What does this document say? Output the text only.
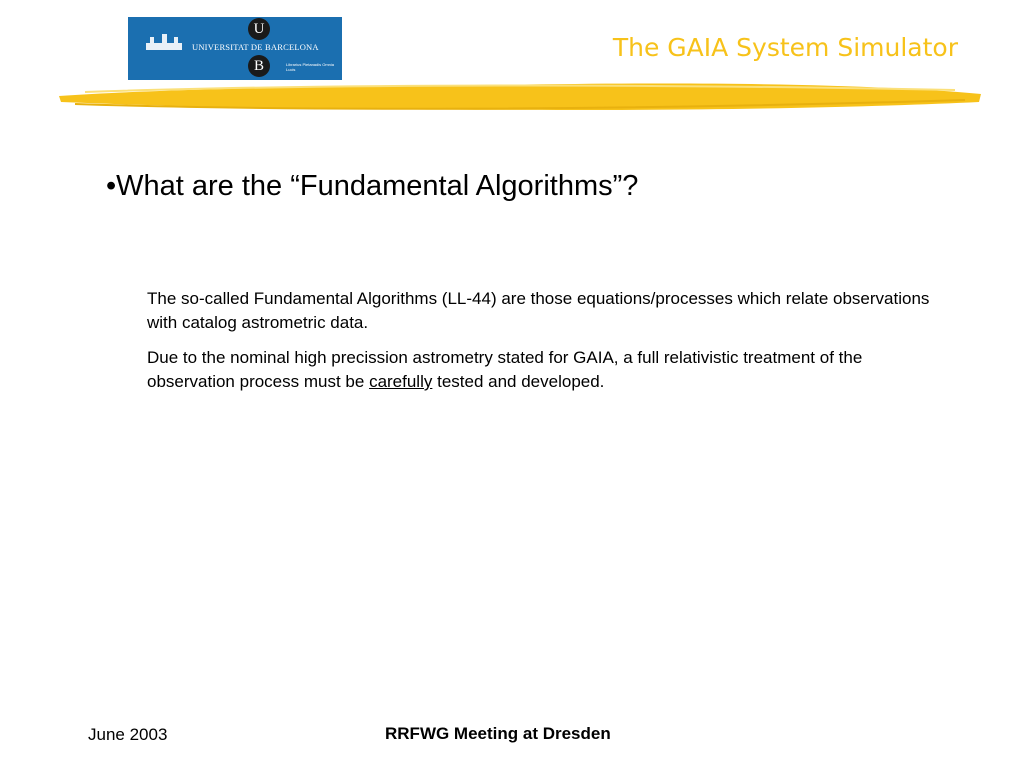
U
B
UNIVERSITAT DE BARCELONA
Librarius Pietanadis Omnia Lucis
The GAIA System Simulator
•What are the “Fundamental Algorithms”?

The so-called Fundamental Algorithms (LL-44) are those equations/processes which relate observations with catalog astrometric data.

Due to the nominal high precission astrometry stated for GAIA, a full relativistic treatment of the observation process must be carefully tested and developed.

June 2003	RRFWG Meeting at Dresden
